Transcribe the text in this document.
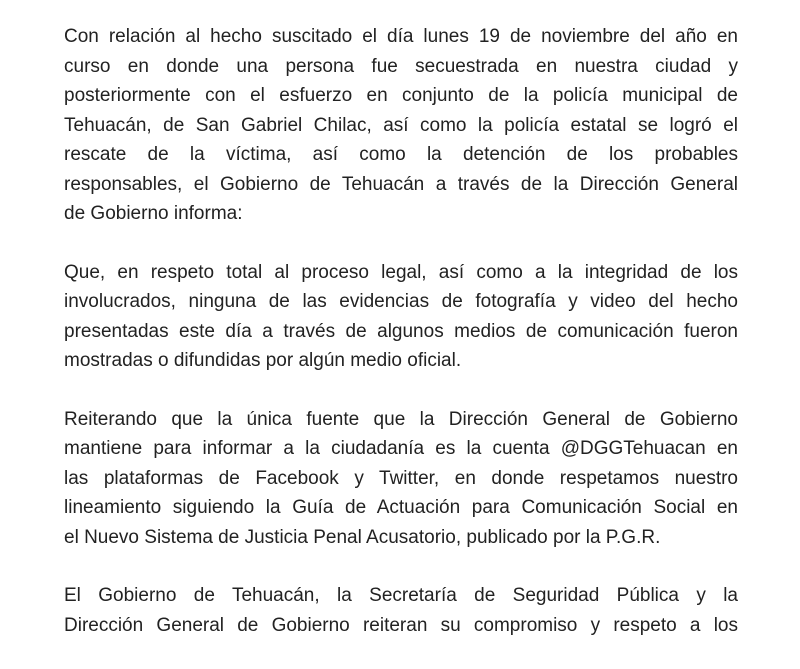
Con relación al hecho suscitado el día lunes 19 de noviembre del año en
curso en donde una persona fue secuestrada en nuestra ciudad y
posteriormente con el esfuerzo en conjunto de la policía municipal de
Tehuacán, de San Gabriel Chilac, así como la policía estatal se logró el
rescate de la víctima, así como la detención de los probables
responsables, el Gobierno de Tehuacán a través de la Dirección General
de Gobierno informa:
Que, en respeto total al proceso legal, así como a la integridad de los
involucrados, ninguna de las evidencias de fotografía y video del hecho
presentadas este día a través de algunos medios de comunicación fueron
mostradas o difundidas por algún medio oficial.
Reiterando que la única fuente que la Dirección General de Gobierno
mantiene para informar a la ciudadanía es la cuenta @DGGTehuacan en
las plataformas de Facebook y Twitter, en donde respetamos nuestro
lineamiento siguiendo la Guía de Actuación para Comunicación Social en
el Nuevo Sistema de Justicia Penal Acusatorio, publicado por la P.G.R.
El Gobierno de Tehuacán, la Secretaría de Seguridad Pública y la
Dirección General de Gobierno reiteran su compromiso y respeto a los
